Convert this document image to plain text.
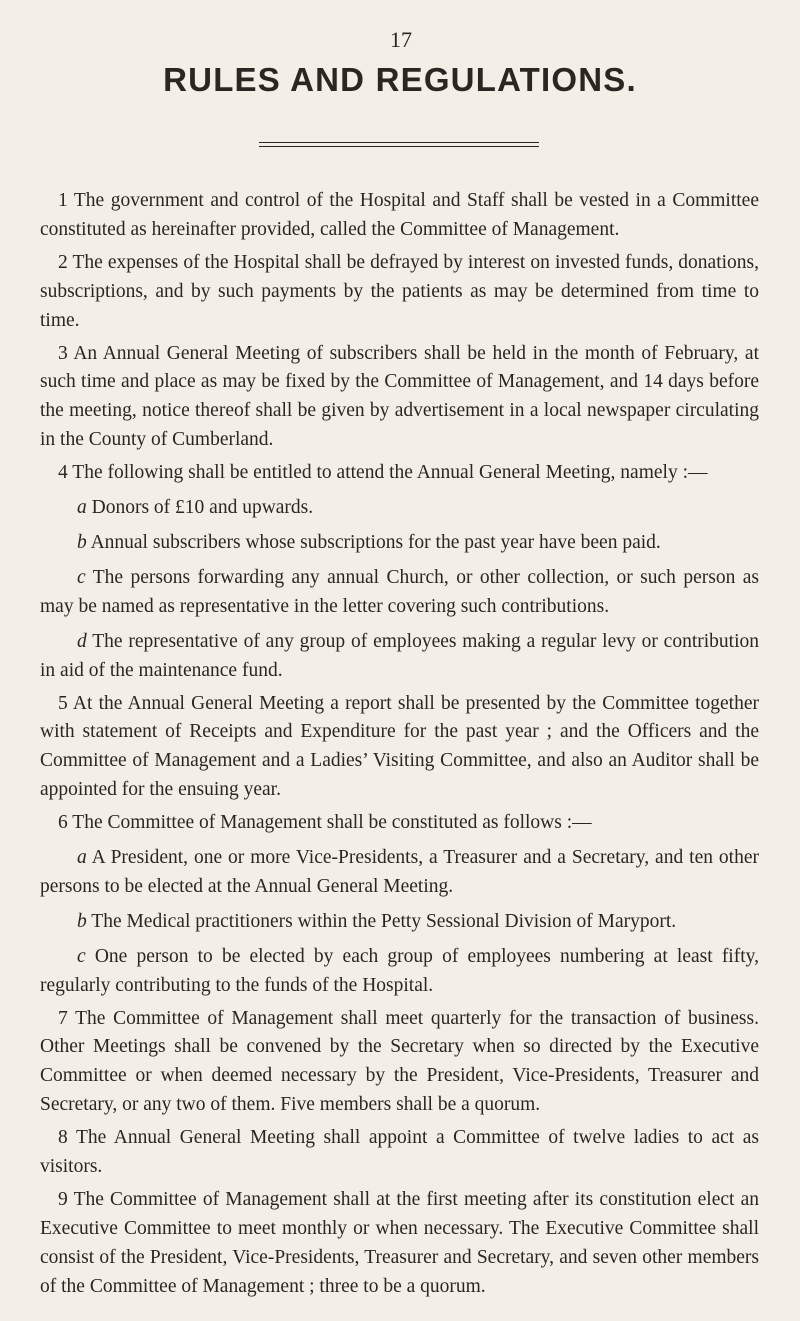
17
RULES AND REGULATIONS.

1 The government and control of the Hospital and Staff shall be vested in a Committee constituted as hereinafter provided, called the Committee of Management.

2 The expenses of the Hospital shall be defrayed by interest on invested funds, donations, subscriptions, and by such payments by the patients as may be determined from time to time.

3 An Annual General Meeting of subscribers shall be held in the month of February, at such time and place as may be fixed by the Committee of Management, and 14 days before the meeting, notice thereof shall be given by advertisement in a local newspaper circulating in the County of Cumberland.

4 The following shall be entitled to attend the Annual General Meeting, namely :—

a Donors of £10 and upwards.

b Annual subscribers whose subscriptions for the past year have been paid.

c The persons forwarding any annual Church, or other collection, or such person as may be named as representative in the letter covering such contributions.

d The representative of any group of employees making a regular levy or contribution in aid of the maintenance fund.

5 At the Annual General Meeting a report shall be presented by the Committee together with statement of Receipts and Expenditure for the past year ; and the Officers and the Committee of Management and a Ladies’ Visiting Committee, and also an Auditor shall be appointed for the ensuing year.

6 The Committee of Management shall be constituted as follows :—

a A President, one or more Vice-Presidents, a Treasurer and a Secretary, and ten other persons to be elected at the Annual General Meeting.

b The Medical practitioners within the Petty Sessional Division of Maryport.

c One person to be elected by each group of employees numbering at least fifty, regularly contributing to the funds of the Hospital.

7 The Committee of Management shall meet quarterly for the transaction of business. Other Meetings shall be convened by the Secretary when so directed by the Executive Committee or when deemed necessary by the President, Vice-Presidents, Treasurer and Secretary, or any two of them. Five members shall be a quorum.

8 The Annual General Meeting shall appoint a Committee of twelve ladies to act as visitors.

9 The Committee of Management shall at the first meeting after its constitution elect an Executive Committee to meet monthly or when necessary. The Executive Committee shall consist of the President, Vice-Presidents, Treasurer and Secretary, and seven other members of the Committee of Management ; three to be a quorum.
